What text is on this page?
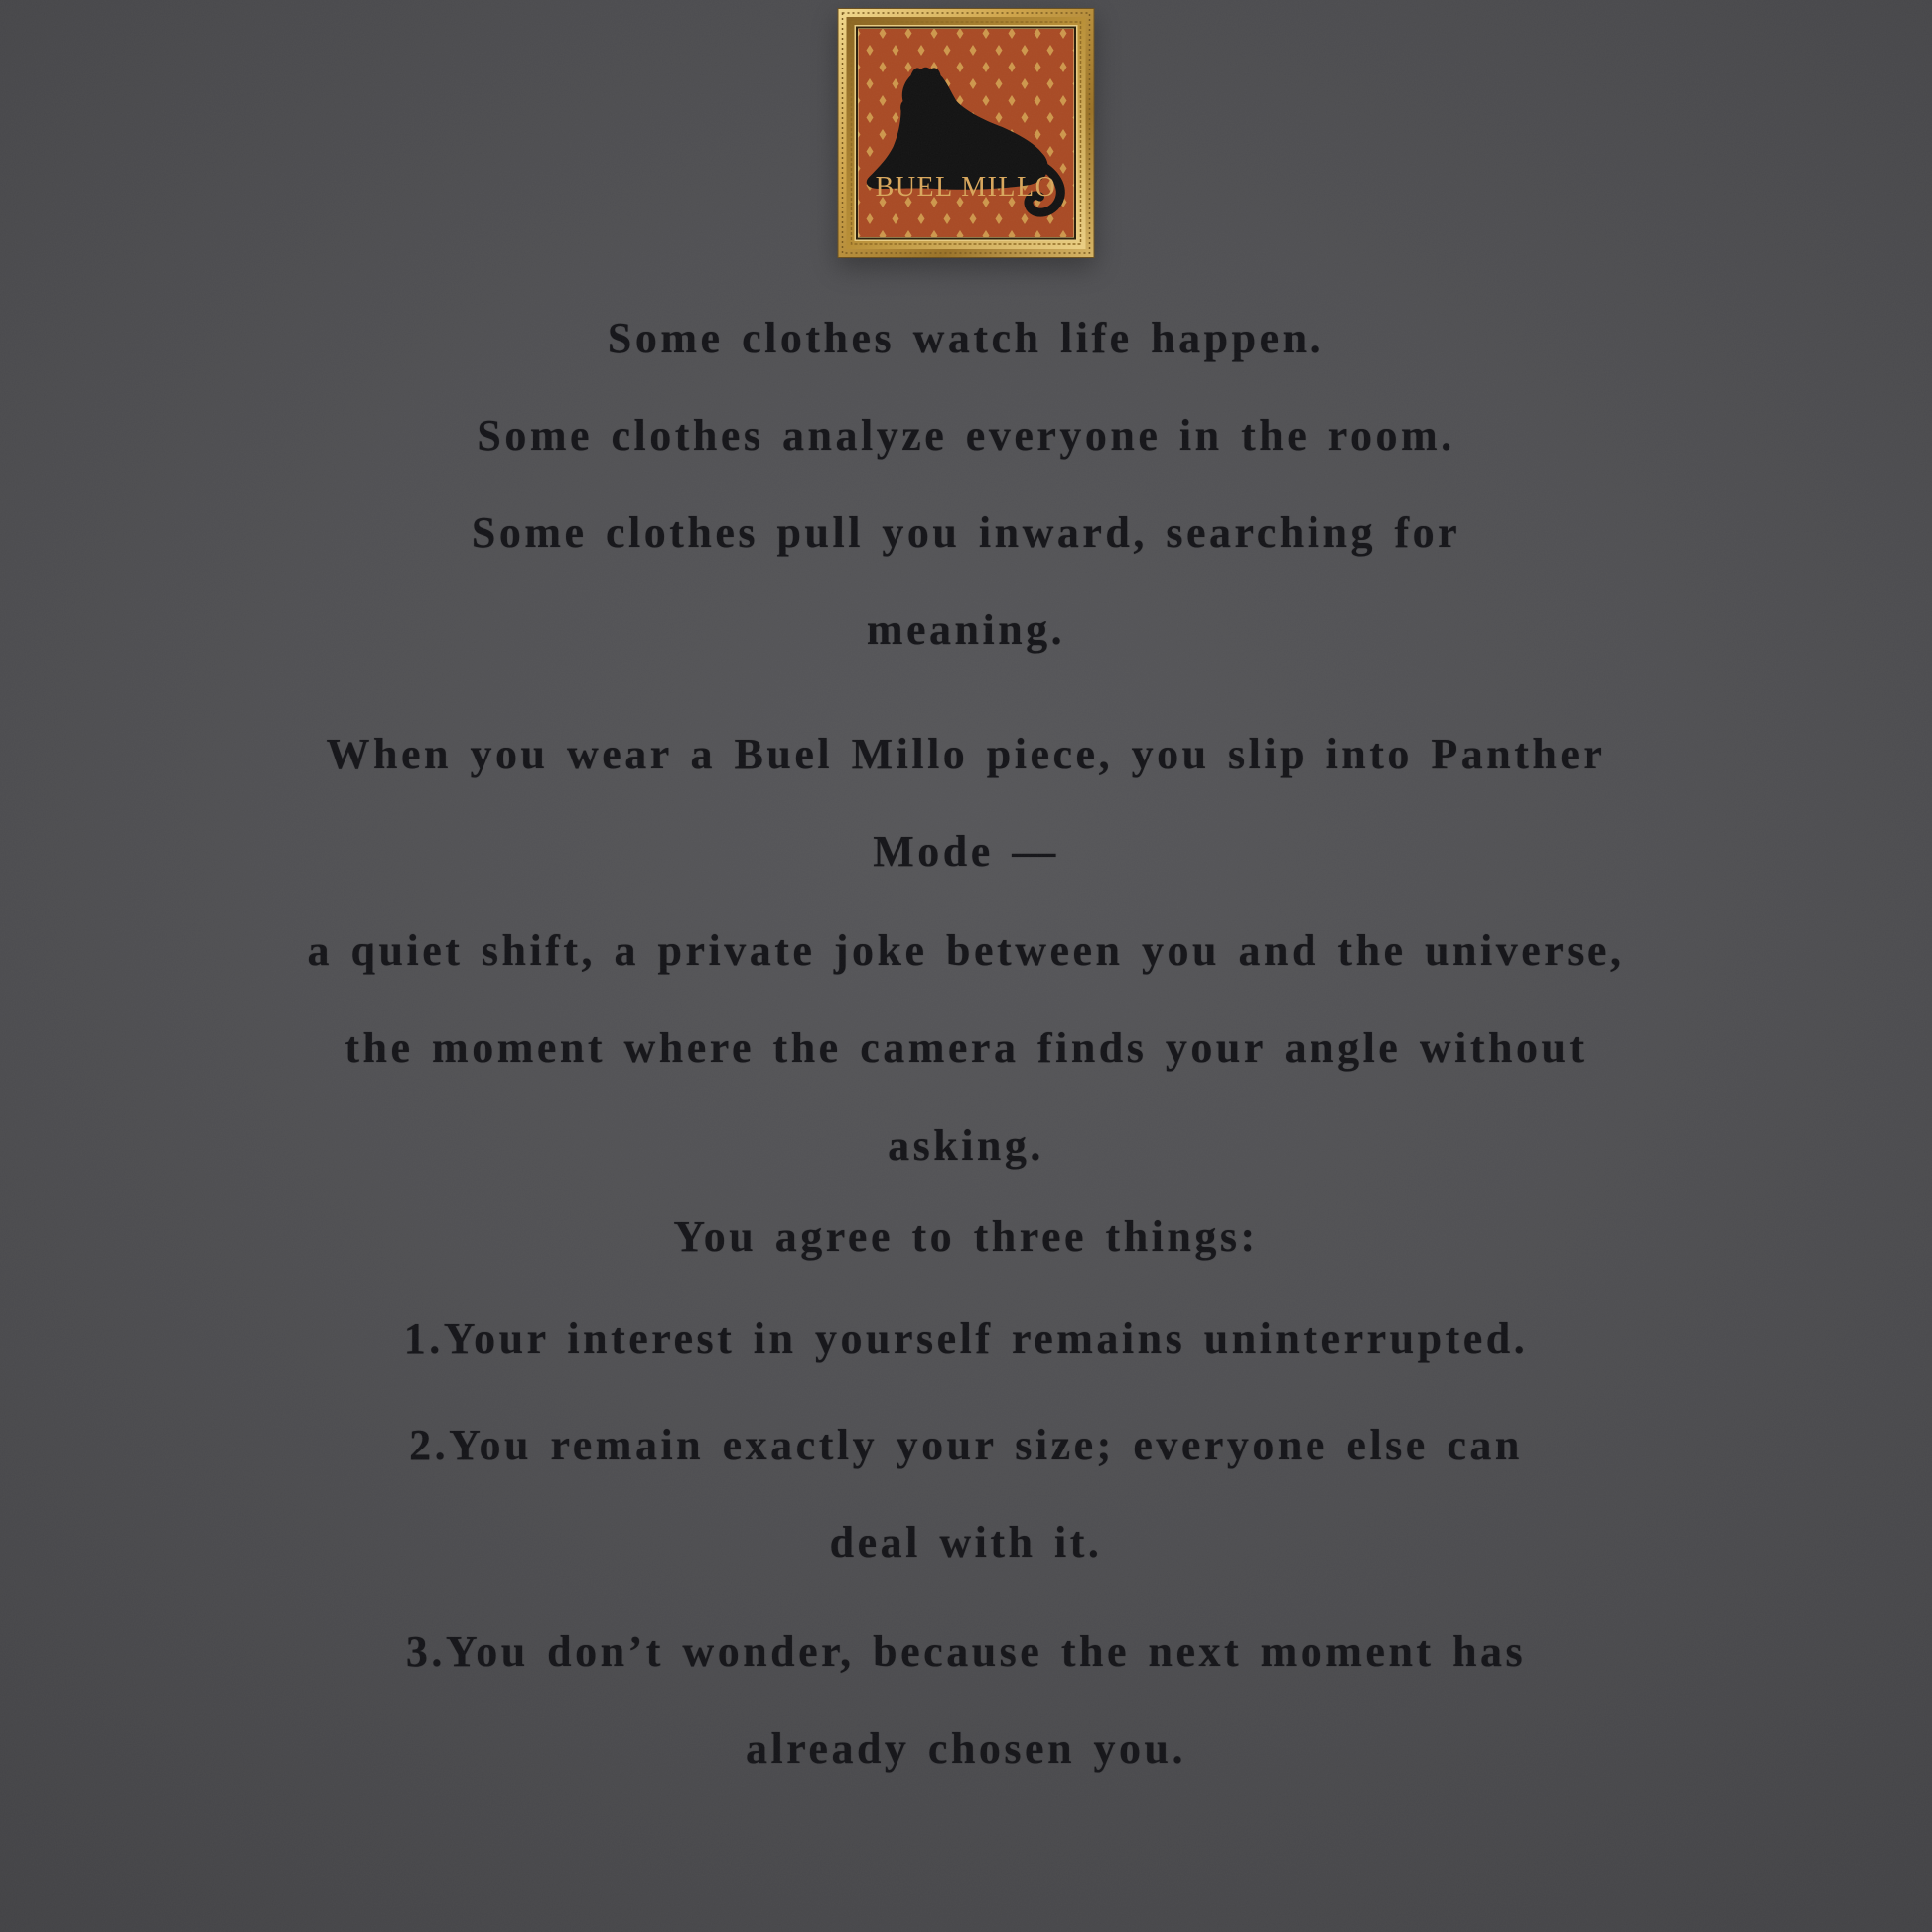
BUEL MILLO

Some clothes watch life happen.

Some clothes analyze everyone in the room.

Some clothes pull you inward, searching for
meaning.

When you wear a Buel Millo piece, you slip into Panther
Mode —

a quiet shift, a private joke between you and the universe,
the moment where the camera finds your angle without
asking.

You agree to three things:

1.Your interest in yourself remains uninterrupted.

2.You remain exactly your size; everyone else can
deal with it.

3.You don’t wonder, because the next moment has
already chosen you.
